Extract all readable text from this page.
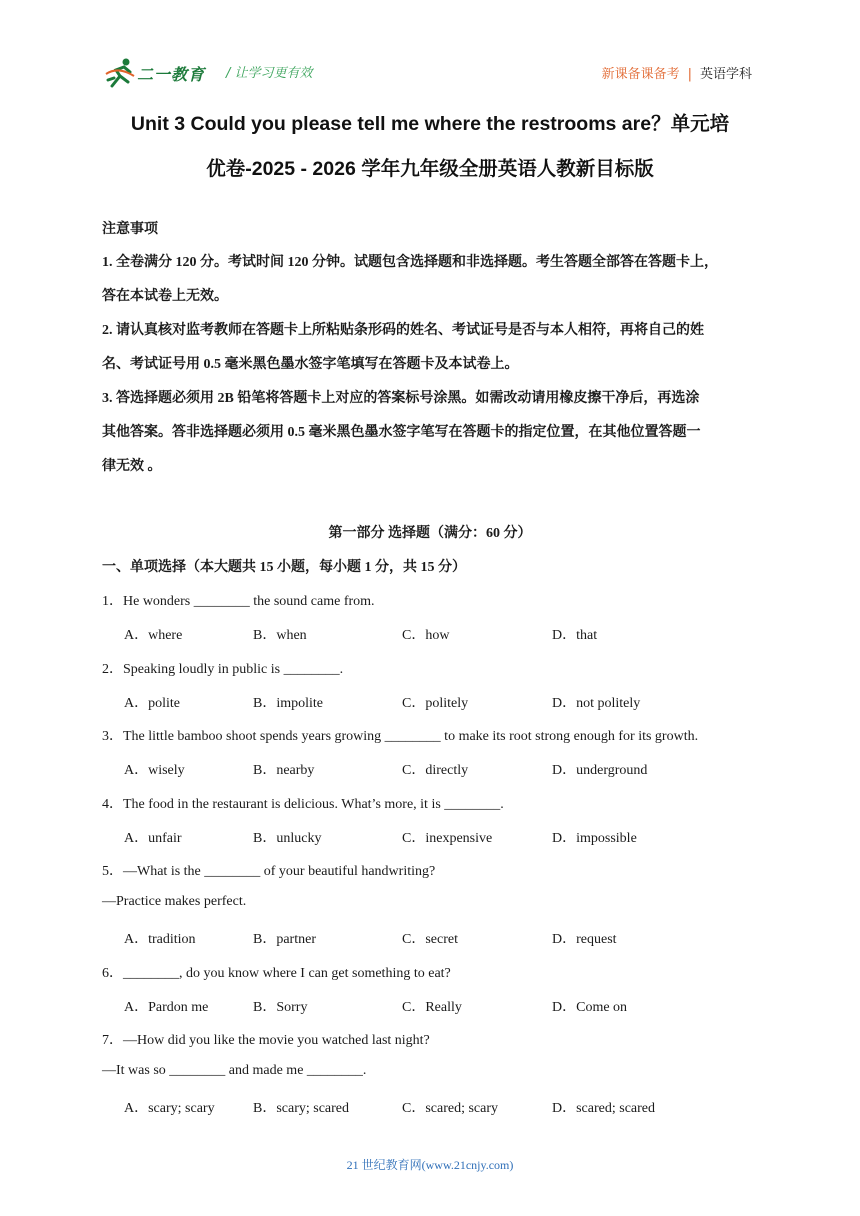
二一教育 / 让学习更有效	新课备课备考 | 英语学科
Unit 3 Could you please tell me where the restrooms are？单元培
优卷-2025 - 2026 学年九年级全册英语人教新目标版
注意事项
1. 全卷满分 120 分。考试时间 120 分钟。试题包含选择题和非选择题。考生答题全部答在答题卡上，
答在本试卷上无效。
2. 请认真核对监考教师在答题卡上所粘贴条形码的姓名、考试证号是否与本人相符，再将自己的姓
名、考试证号用 0.5 毫米黑色墨水签字笔填写在答题卡及本试卷上。
3. 答选择题必须用 2B 铅笔将答题卡上对应的答案标号涂黑。如需改动请用橡皮擦干净后，再选涂
其他答案。答非选择题必须用 0.5 毫米黑色墨水签字笔写在答题卡的指定位置，在其他位置答题一
律无效 。
第一部分 选择题（满分：60 分）
一、单项选择（本大题共 15 小题，每小题 1 分，共 15 分）
1．He wonders ________ the sound came from.
A．where	B．when	C．how	D．that
2．Speaking loudly in public is ________.
A．polite	B．impolite	C．politely	D．not politely
3．The little bamboo shoot spends years growing ________ to make its root strong enough for its growth.
A．wisely	B．nearby	C．directly	D．underground
4．The food in the restaurant is delicious. What’s more, it is ________.
A．unfair	B．unlucky	C．inexpensive	D．impossible
5．—What is the ________ of your beautiful handwriting?
—Practice makes perfect.
A．tradition	B．partner	C．secret	D．request
6．________, do you know where I can get something to eat?
A．Pardon me	B．Sorry	C．Really	D．Come on
7．—How did you like the movie you watched last night?
—It was so ________ and made me ________.
A．scary; scary	B．scary; scared	C．scared; scary	D．scared; scared
21 世纪教育网(www.21cnjy.com)
